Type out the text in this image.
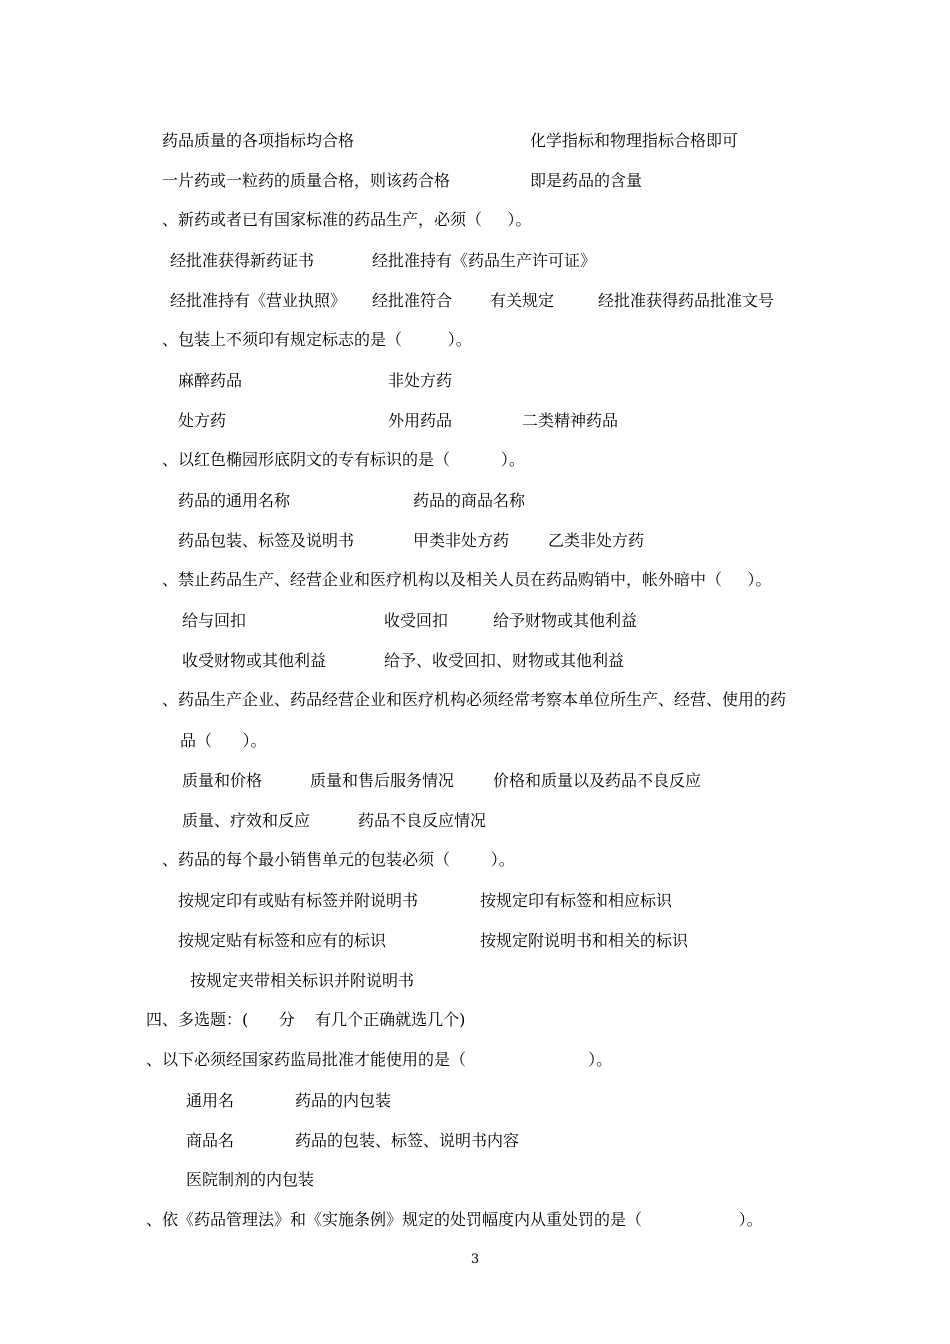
药品质量的各项指标均合格	化学指标和物理指标合格即可
一片药或一粒药的质量合格，则该药合格	即是药品的含量
、新药或者已有国家标准的药品生产，必须（     ）。
经批准获得新药证书	经批准持有《药品生产许可证》
经批准持有《营业执照》 经批准符合 有关规定	经批准获得药品批准文号
、包装上不须印有规定标志的是（         ）。
麻醉药品	非处方药
处方药	外用药品	二类精神药品
、以红色椭园形底阴文的专有标识的是（          ）。
药品的通用名称	药品的商品名称
药品包装、标签及说明书	甲类非处方药 乙类非处方药
、禁止药品生产、经营企业和医疗机构以及相关人员在药品购销中，帐外暗中（     ）。
给与回扣	收受回扣	给予财物或其他利益
收受财物或其他利益	给予、收受回扣、财物或其他利益
、药品生产企业、药品经营企业和医疗机构必须经常考察本单位所生产、经营、使用的药
品（      ）。
质量和价格	质量和售后服务情况 价格和质量以及药品不良反应
质量、疗效和反应	药品不良反应情况
、药品的每个最小销售单元的包装必须（        ）。
按规定印有或贴有标签并附说明书	按规定印有标签和相应标识
按规定贴有标签和应有的标识	按规定附说明书和相关的标识
按规定夹带相关标识并附说明书
四、多选题：(      分    有几个正确就选几个)
、以下必须经国家药监局批准才能使用的是（                        ）。
通用名	药品的内包装
商品名	药品的包装、标签、说明书内容
医院制剂的内包装
、依《药品管理法》和《实施条例》规定的处罚幅度内从重处罚的是（                   ）。
3
